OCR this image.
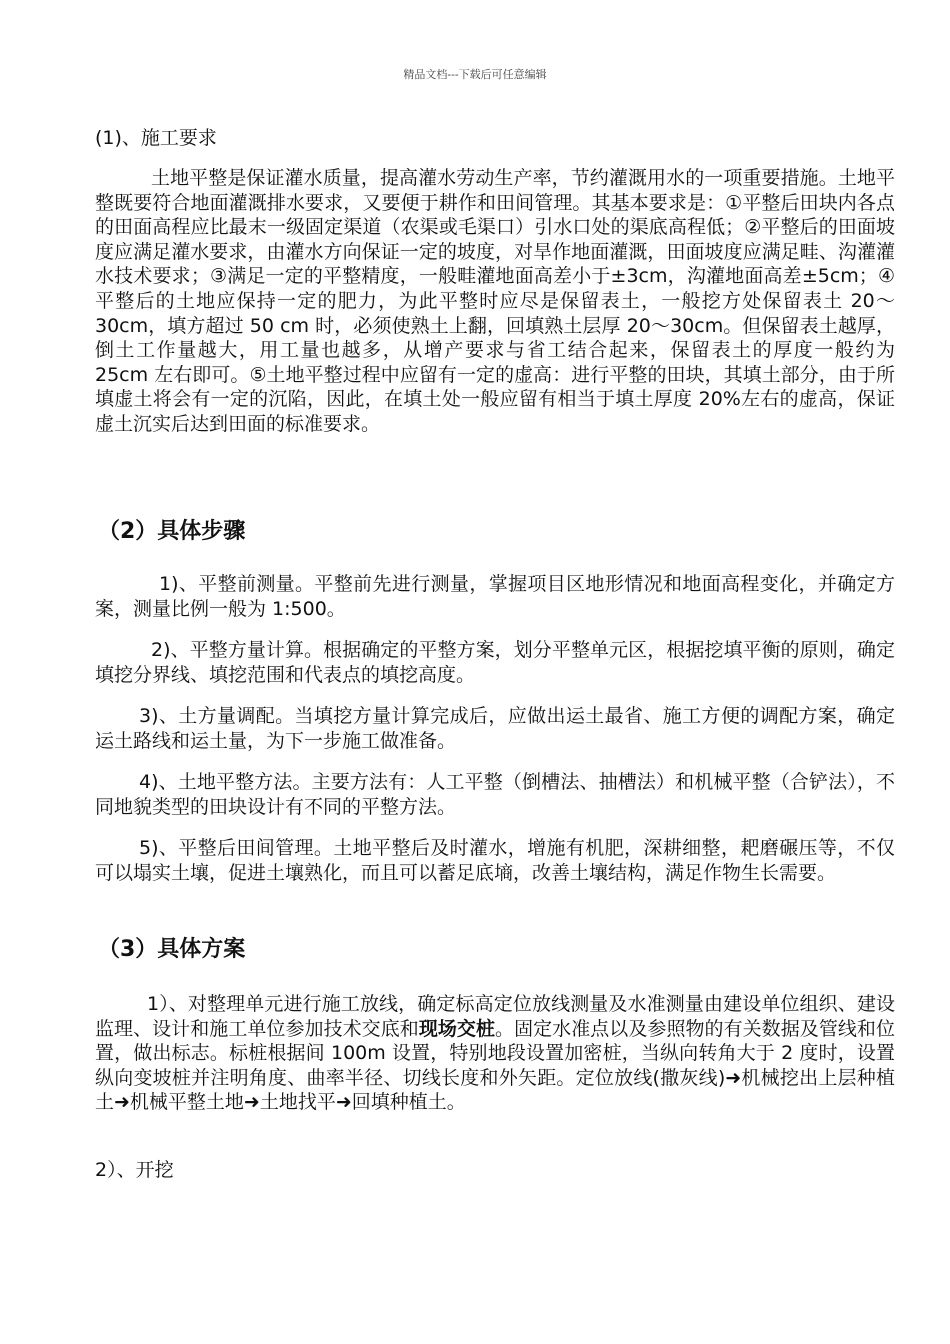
精品文档---下载后可任意编辑

(1)、施工要求

土地平整是保证灌水质量，提高灌水劳动生产率，节约灌溉用水的一项重要措施。土地平整既要符合地面灌溉排水要求，又要便于耕作和田间管理。其基本要求是：①平整后田块内各点的田面高程应比最末一级固定渠道（农渠或毛渠口）引水口处的渠底高程低；②平整后的田面坡度应满足灌水要求，由灌水方向保证一定的坡度，对旱作地面灌溉，田面坡度应满足畦、沟灌灌水技术要求；③满足一定的平整精度，一般畦灌地面高差小于±3cm，沟灌地面高差±5cm；④平整后的土地应保持一定的肥力，为此平整时应尽是保留表土，一般挖方处保留表土 20～30cm，填方超过 50 cm 时，必须使熟土上翻，回填熟土层厚 20～30cm。但保留表土越厚，倒土工作量越大，用工量也越多，从增产要求与省工结合起来，保留表土的厚度一般约为 25cm 左右即可。⑤土地平整过程中应留有一定的虚高：进行平整的田块，其填土部分，由于所填虚土将会有一定的沉陷，因此，在填土处一般应留有相当于填土厚度 20%左右的虚高，保证虚土沉实后达到田面的标准要求。

（2）具体步骤

1)、平整前测量。平整前先进行测量，掌握项目区地形情况和地面高程变化，并确定方案，测量比例一般为 1:500。

2)、平整方量计算。根据确定的平整方案，划分平整单元区，根据挖填平衡的原则，确定填挖分界线、填挖范围和代表点的填挖高度。

3)、土方量调配。当填挖方量计算完成后，应做出运土最省、施工方便的调配方案，确定运土路线和运土量，为下一步施工做准备。

4)、土地平整方法。主要方法有：人工平整（倒槽法、抽槽法）和机械平整（合铲法），不同地貌类型的田块设计有不同的平整方法。

5)、平整后田间管理。土地平整后及时灌水，增施有机肥，深耕细整，耙磨碾压等，不仅可以塌实土壤，促进土壤熟化，而且可以蓄足底墒，改善土壤结构，满足作物生长需要。

（3）具体方案

1）、对整理单元进行施工放线，确定标高定位放线测量及水准测量由建设单位组织、建设监理、设计和施工单位参加技术交底和现场交桩。固定水准点以及参照物的有关数据及管线和位置，做出标志。标桩根据间 100m 设置，特别地段设置加密桩，当纵向转角大于 2 度时，设置纵向变坡桩并注明角度、曲率半径、切线长度和外矢距。定位放线(撒灰线)➜机械挖出上层种植土➜机械平整土地➜土地找平➜回填种植土。

2）、开挖
